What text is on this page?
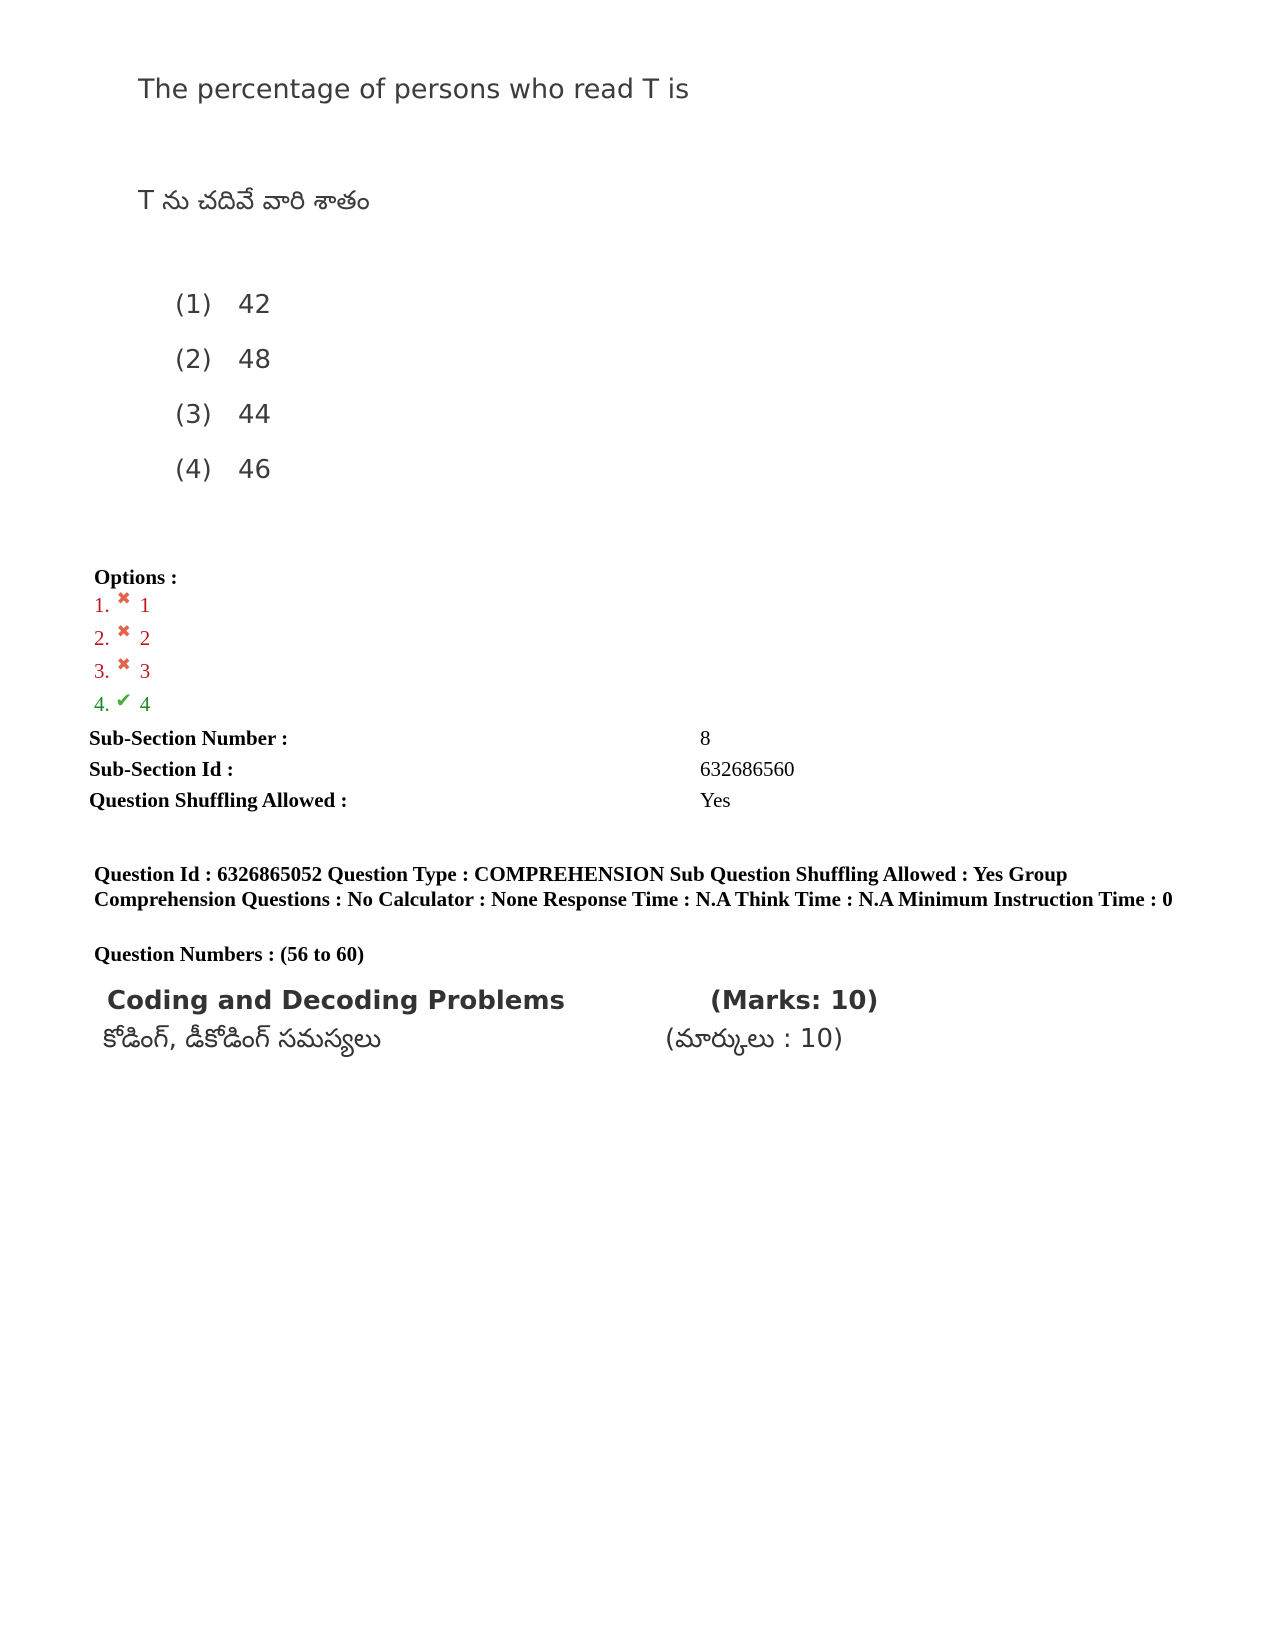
The percentage of persons who read T is
T ను చదివే వారి శాతం
(1) 42
(2) 48
(3) 44
(4) 46
Options :
1. ✖ 1
2. ✖ 2
3. ✖ 3
4. ✔ 4
Sub-Section Number :	8
Sub-Section Id :	632686560
Question Shuffling Allowed :	Yes
Question Id : 6326865052 Question Type : COMPREHENSION Sub Question Shuffling Allowed : Yes Group Comprehension Questions : No Calculator : None Response Time : N.A Think Time : N.A Minimum Instruction Time : 0
Question Numbers : (56 to 60)
Coding and Decoding Problems	(Marks: 10)
కోడింగ్, డీకోడింగ్ సమస్యలు	(మార్కులు : 10)
